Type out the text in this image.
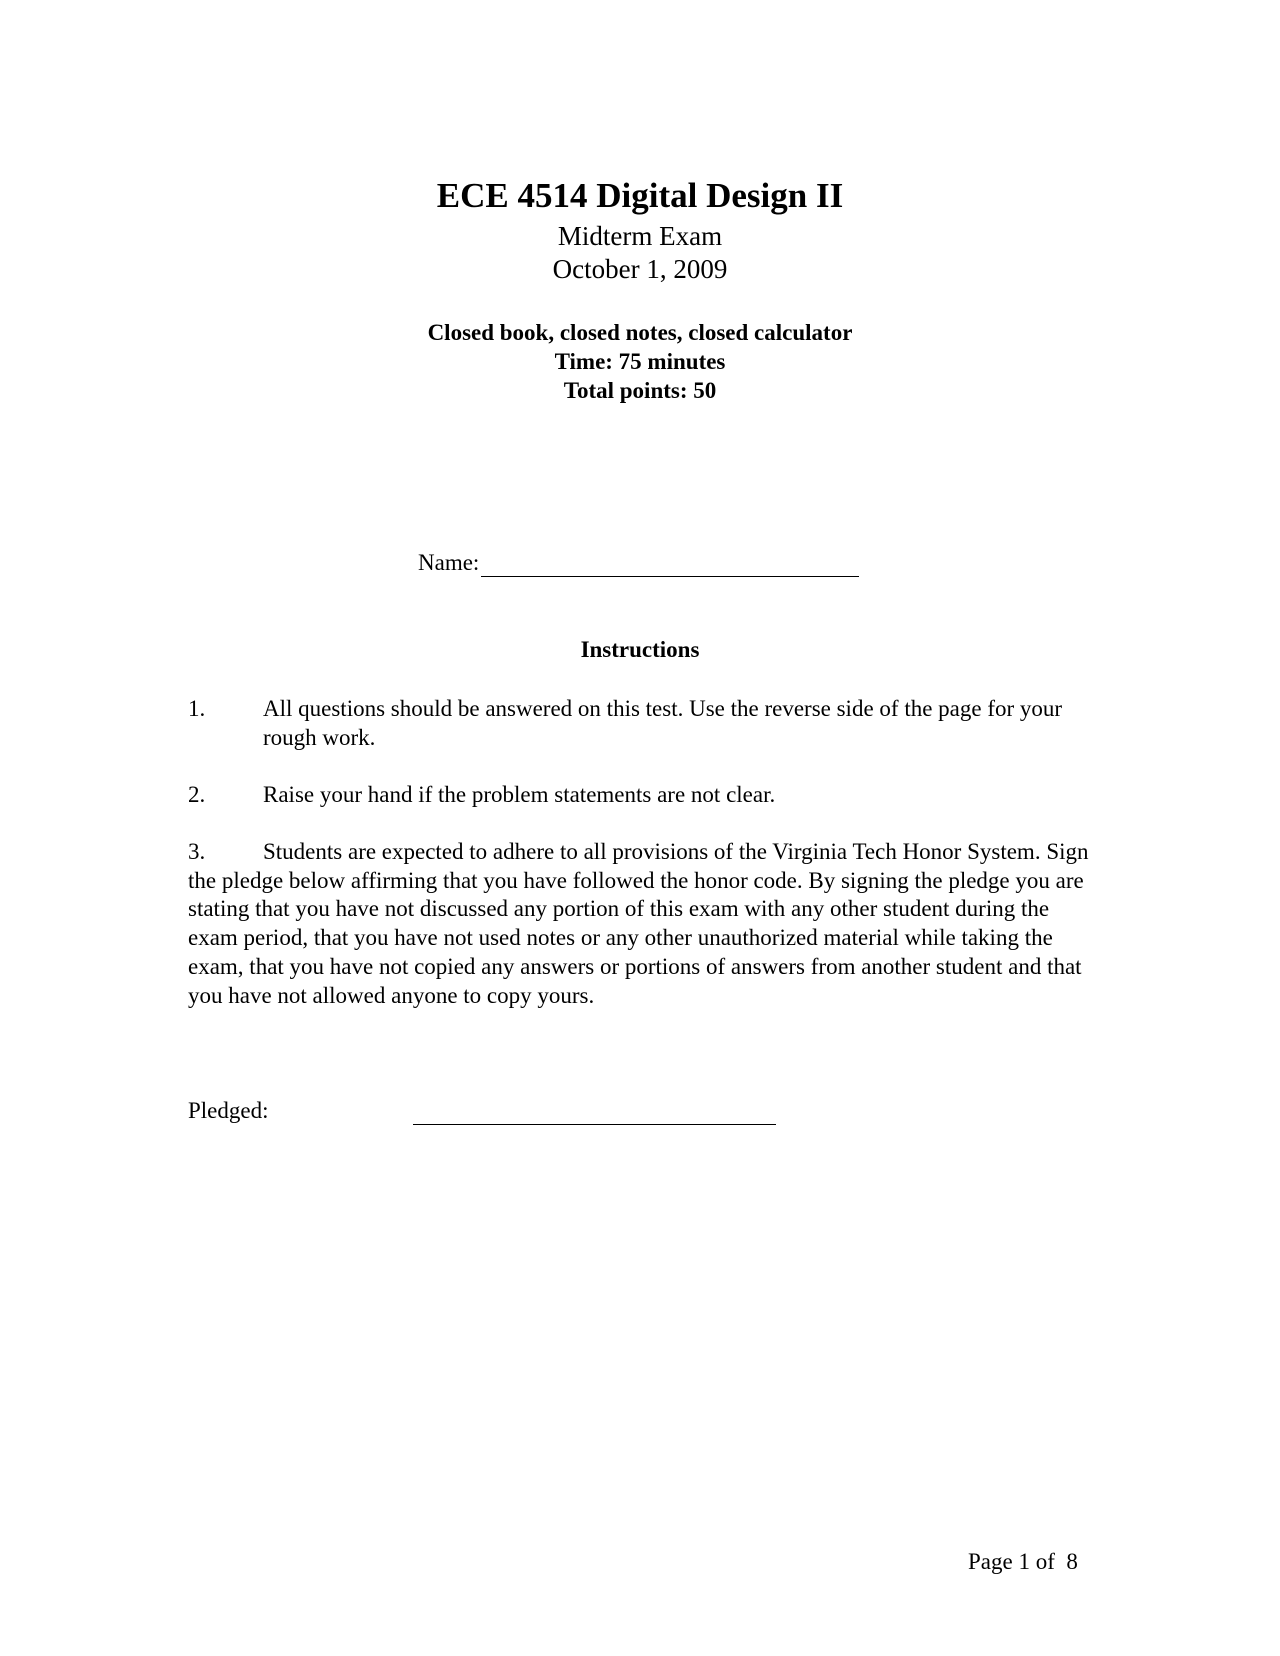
ECE 4514 Digital Design II
Midterm Exam
October 1, 2009
Closed book, closed notes, closed calculator
Time: 75 minutes
Total points: 50
Name:
Instructions
1.	All questions should be answered on this test. Use the reverse side of the page for your rough work.
2.	Raise your hand if the problem statements are not clear.
3.	Students are expected to adhere to all provisions of the Virginia Tech Honor System. Sign the pledge below affirming that you have followed the honor code. By signing the pledge you are stating that you have not discussed any portion of this exam with any other student during the exam period, that you have not used notes or any other unauthorized material while taking the exam, that you have not copied any answers or portions of answers from another student and that you have not allowed anyone to copy yours.
Pledged:
Page 1 of  8
